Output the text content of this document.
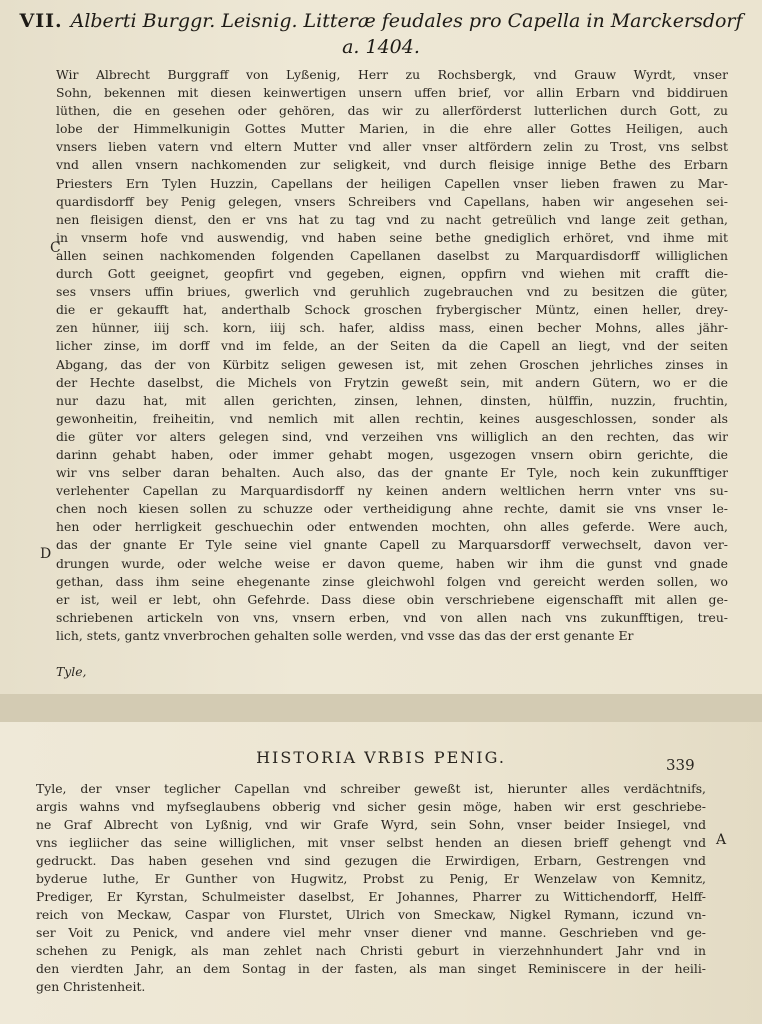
VII. Alberti Burggr. Leisnig. Litteræ feudales pro Capella in Marckersdorf
a. 1404.
Wir Albrecht Burggraff von Lyßenig, Herr zu Rochsbergk, vnd Grauw Wyrdt, vnser
Sohn, bekennen mit diesen keinwertigen unsern uffen brief, vor allin Erbarn vnd biddiruen
lüthen, die en gesehen oder gehören, das wir zu allerförderst lutterlichen durch Gott, zu
lobe der Himmelkunigin Gottes Mutter Marien, in die ehre aller Gottes Heiligen, auch
vnsers lieben vatern vnd eltern Mutter vnd aller vnser altfördern zelin zu Trost, vns selbst
vnd allen vnsern nachkomenden zur seligkeit, vnd durch fleisige innige Bethe des Erbarn
Priesters Ern Tylen Huzzin, Capellans der heiligen Capellen vnser lieben frawen zu Mar-
quardisdorff bey Penig gelegen, vnsers Schreibers vnd Capellans, haben wir angesehen sei-
nen fleisigen dienst, den er vns hat zu tag vnd zu nacht getreülich vnd lange zeit gethan,
in vnserm hofe vnd auswendig, vnd haben seine bethe gnediglich erhöret, vnd ihme mit
allen seinen nachkomenden folgenden Capellanen daselbst zu Marquardisdorff williglichen
durch Gott geeignet, geopfirt vnd gegeben, eignen, oppfirn vnd wiehen mit crafft die-
ses vnsers uffin briues, gwerlich vnd geruhlich zugebrauchen vnd zu besitzen die güter,
die er gekaufft hat, anderthalb Schock groschen frybergischer Müntz, einen heller, drey-
zen hünner, iiij sch. korn, iiij sch. hafer, aldiss mass, einen becher Mohns, alles jähr-
licher zinse, im dorff vnd im felde, an der Seiten da die Capell an liegt, vnd der seiten
Abgang, das der von Kürbitz seligen gewesen ist, mit zehen Groschen jehrliches zinses in
der Hechte daselbst, die Michels von Frytzin geweßt sein, mit andern Gütern, wo er die
nur dazu hat, mit allen gerichten, zinsen, lehnen, dinsten, hülffin, nuzzin, fruchtin,
gewonheitin, freiheitin, vnd nemlich mit allen rechtin, keines ausgeschlossen, sonder als
die güter vor alters gelegen sind, vnd verzeihen vns williglich an den rechten, das wir
darinn gehabt haben, oder immer gehabt mogen, usgezogen vnsern obirn gerichte, die
wir vns selber daran behalten. Auch also, das der gnante Er Tyle, noch kein zukunfftiger
verlehenter Capellan zu Marquardisdorff ny keinen andern weltlichen herrn vnter vns su-
chen noch kiesen sollen zu schuzze oder vertheidigung ahne rechte, damit sie vns vnser le-
hen oder herrligkeit geschuechin oder entwenden mochten, ohn alles geferde. Were auch,
das der gnante Er Tyle seine viel gnante Capell zu Marquarsdorff verwechselt, davon ver-
drungen wurde, oder welche weise er davon queme, haben wir ihm die gunst vnd gnade
gethan, dass ihm seine ehegenante zinse gleichwohl folgen vnd gereicht werden sollen, wo
er ist, weil er lebt, ohn Gefehrde. Dass diese obin verschriebene eigenschafft mit allen ge-
schriebenen artickeln von vns, vnsern erben, vnd von allen nach vns zukunfftigen, treu-
lich, stets, gantz vnverbrochen gehalten solle werden, vnd vsse das das der erst genante Er
Tyle,
C
D
HISTORIA VRBIS PENIG.	339
A
Tyle, der vnser teglicher Capellan vnd schreiber geweßt ist, hierunter alles verdächtnifs,
argis wahns vnd myfseglaubens obberig vnd sicher gesin möge, haben wir erst geschriebe-
ne Graf Albrecht von Lyßnig, vnd wir Grafe Wyrd, sein Sohn, vnser beider Insiegel, vnd
vns iegliicher das seine williglichen, mit vnser selbst henden an diesen brieff gehengt vnd
gedruckt. Das haben gesehen vnd sind gezugen die Erwirdigen, Erbarn, Gestrengen vnd
byderue luthe, Er Gunther von Hugwitz, Probst zu Penig, Er Wenzelaw von Kemnitz,
Prediger, Er Kyrstan, Schulmeister daselbst, Er Johannes, Pharrer zu Wittichendorff, Helff-
reich von Meckaw, Caspar von Flurstet, Ulrich von Smeckaw, Nigkel Rymann, iczund vn-
ser Voit zu Penick, vnd andere viel mehr vnser diener vnd manne. Geschrieben vnd ge-
schehen zu Penigk, als man zehlet nach Christi geburt in vierzehnhundert Jahr vnd in
den vierdten Jahr, an dem Sontag in der fasten, als man singet Reminiscere in der heili-
gen Christenheit.
